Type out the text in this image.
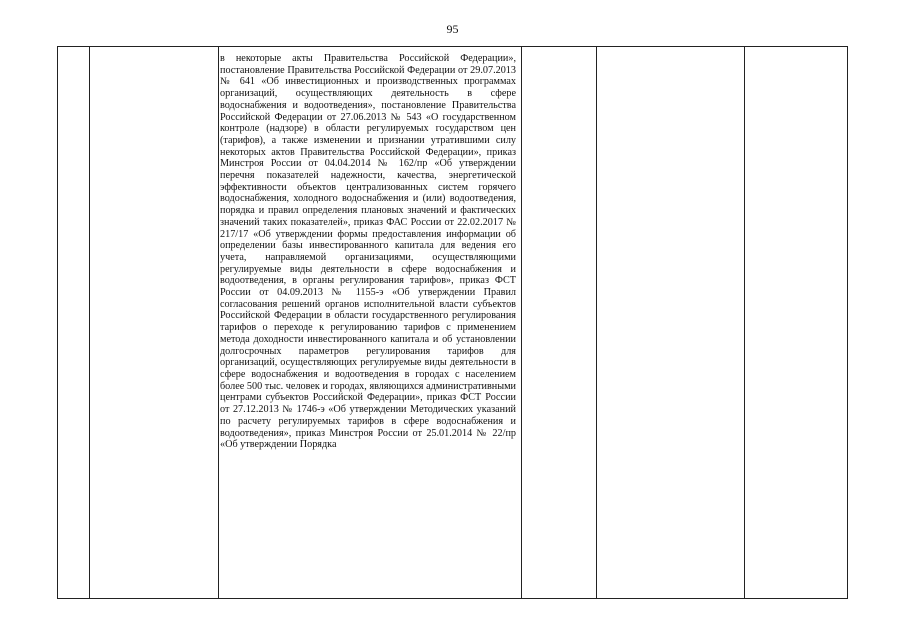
95
в некоторые акты Правительства Российской Федерации», постановление Правительства Российской Федерации от 29.07.2013 № 641 «Об инвестиционных и производственных программах организаций, осуществляющих деятельность в сфере водоснабжения и водоотведения», постановление Правительства Российской Федерации от 27.06.2013 № 543 «О государственном контроле (надзоре) в области регулируемых государством цен (тарифов), а также изменении и признании утратившими силу некоторых актов Правительства Российской Федерации», приказ Минстроя России от 04.04.2014 № 162/пр «Об утверждении перечня показателей надежности, качества, энергетической эффективности объектов централизованных систем горячего водоснабжения, холодного водоснабжения и (или) водоотведения, порядка и правил определения плановых значений и фактических значений таких показателей», приказ ФАС России от 22.02.2017 № 217/17 «Об утверждении формы предоставления информации об определении базы инвестированного капитала для ведения его учета, направляемой организациями, осуществляющими регулируемые виды деятельности в сфере водоснабжения и водоотведения, в органы регулирования тарифов», приказ ФСТ России от 04.09.2013 № 1155-э «Об утверждении Правил согласования решений органов исполнительной власти субъектов Российской Федерации в области государственного регулирования тарифов о переходе к регулированию тарифов с применением метода доходности инвестированного капитала и об установлении долгосрочных параметров регулирования тарифов для организаций, осуществляющих регулируемые виды деятельности в сфере водоснабжения и водоотведения в городах с населением более 500 тыс. человек и городах, являющихся административными центрами субъектов Российской Федерации», приказ ФСТ России от 27.12.2013 № 1746-э «Об утверждении Методических указаний по расчету регулируемых тарифов в сфере водоснабжения и водоотведения», приказ Минстроя России от 25.01.2014 № 22/пр «Об утверждении Порядка
